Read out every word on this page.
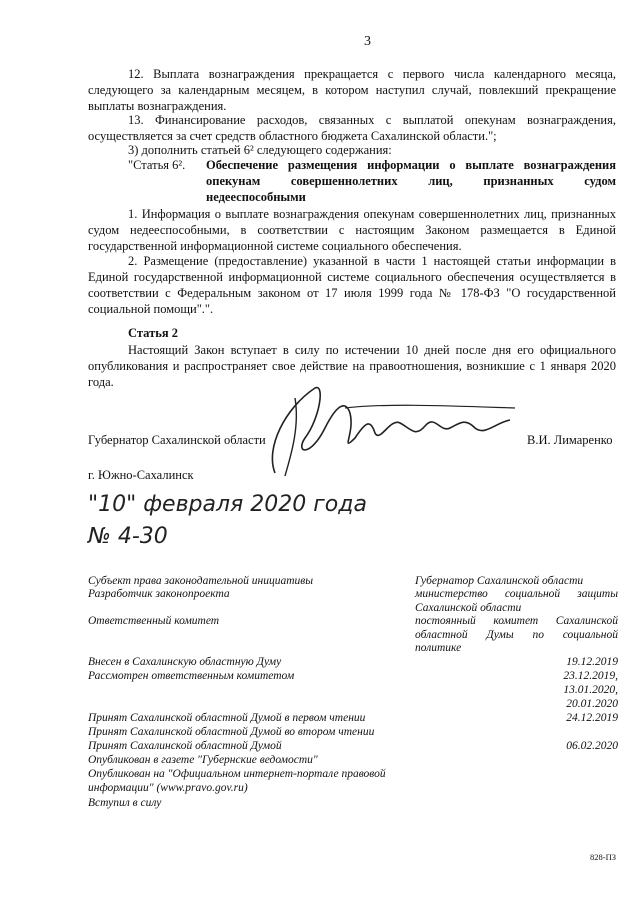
3
12. Выплата вознаграждения прекращается с первого числа календарного месяца, следующего за календарным месяцем, в котором наступил случай, повлекший прекращение выплаты вознаграждения.
13. Финансирование расходов, связанных с выплатой опекунам вознаграждения, осуществляется за счет средств областного бюджета Сахалинской области.";
3) дополнить статьей 6² следующего содержания:
"Статья 6². Обеспечение размещения информации о выплате вознаграждения опекунам совершеннолетних лиц, признанных судом
недееспособными
1. Информация о выплате вознаграждения опекунам совершеннолетних лиц, признанных судом недееспособными, в соответствии с настоящим Законом размещается в Единой государственной информационной системе социального обеспечения.
2. Размещение (предоставление) указанной в части 1 настоящей статьи информации в Единой государственной информационной системе социального обеспечения осуществляется в соответствии с Федеральным законом от 17 июля 1999 года № 178-ФЗ "О государственной социальной помощи".".
Статья 2
Настоящий Закон вступает в силу по истечении 10 дней после дня его официального опубликования и распространяет свое действие на правоотношения, возникшие с 1 января 2020 года.
Губернатор Сахалинской области	В.И. Лимаренко
г. Южно-Сахалинск
"10" февраля 2020 года
№ 4-30
Субъект права законодательной инициативы	Губернатор Сахалинской области
Разработчик законопроекта	министерство социальной защиты Сахалинской области
Ответственный комитет	постоянный комитет Сахалинской областной Думы по социальной политике
Внесен в Сахалинскую областную Думу	19.12.2019
Рассмотрен ответственным комитетом	23.12.2019,
13.01.2020,
20.01.2020
Принят Сахалинской областной Думой в первом чтении	24.12.2019
Принят Сахалинской областной Думой во втором чтении
Принят Сахалинской областной Думой	06.02.2020
Опубликован в газете "Губернские ведомости"
Опубликован на "Официальном интернет-портале правовой информации" (www.pravo.gov.ru)
Вступил в силу
828-ПЗ
